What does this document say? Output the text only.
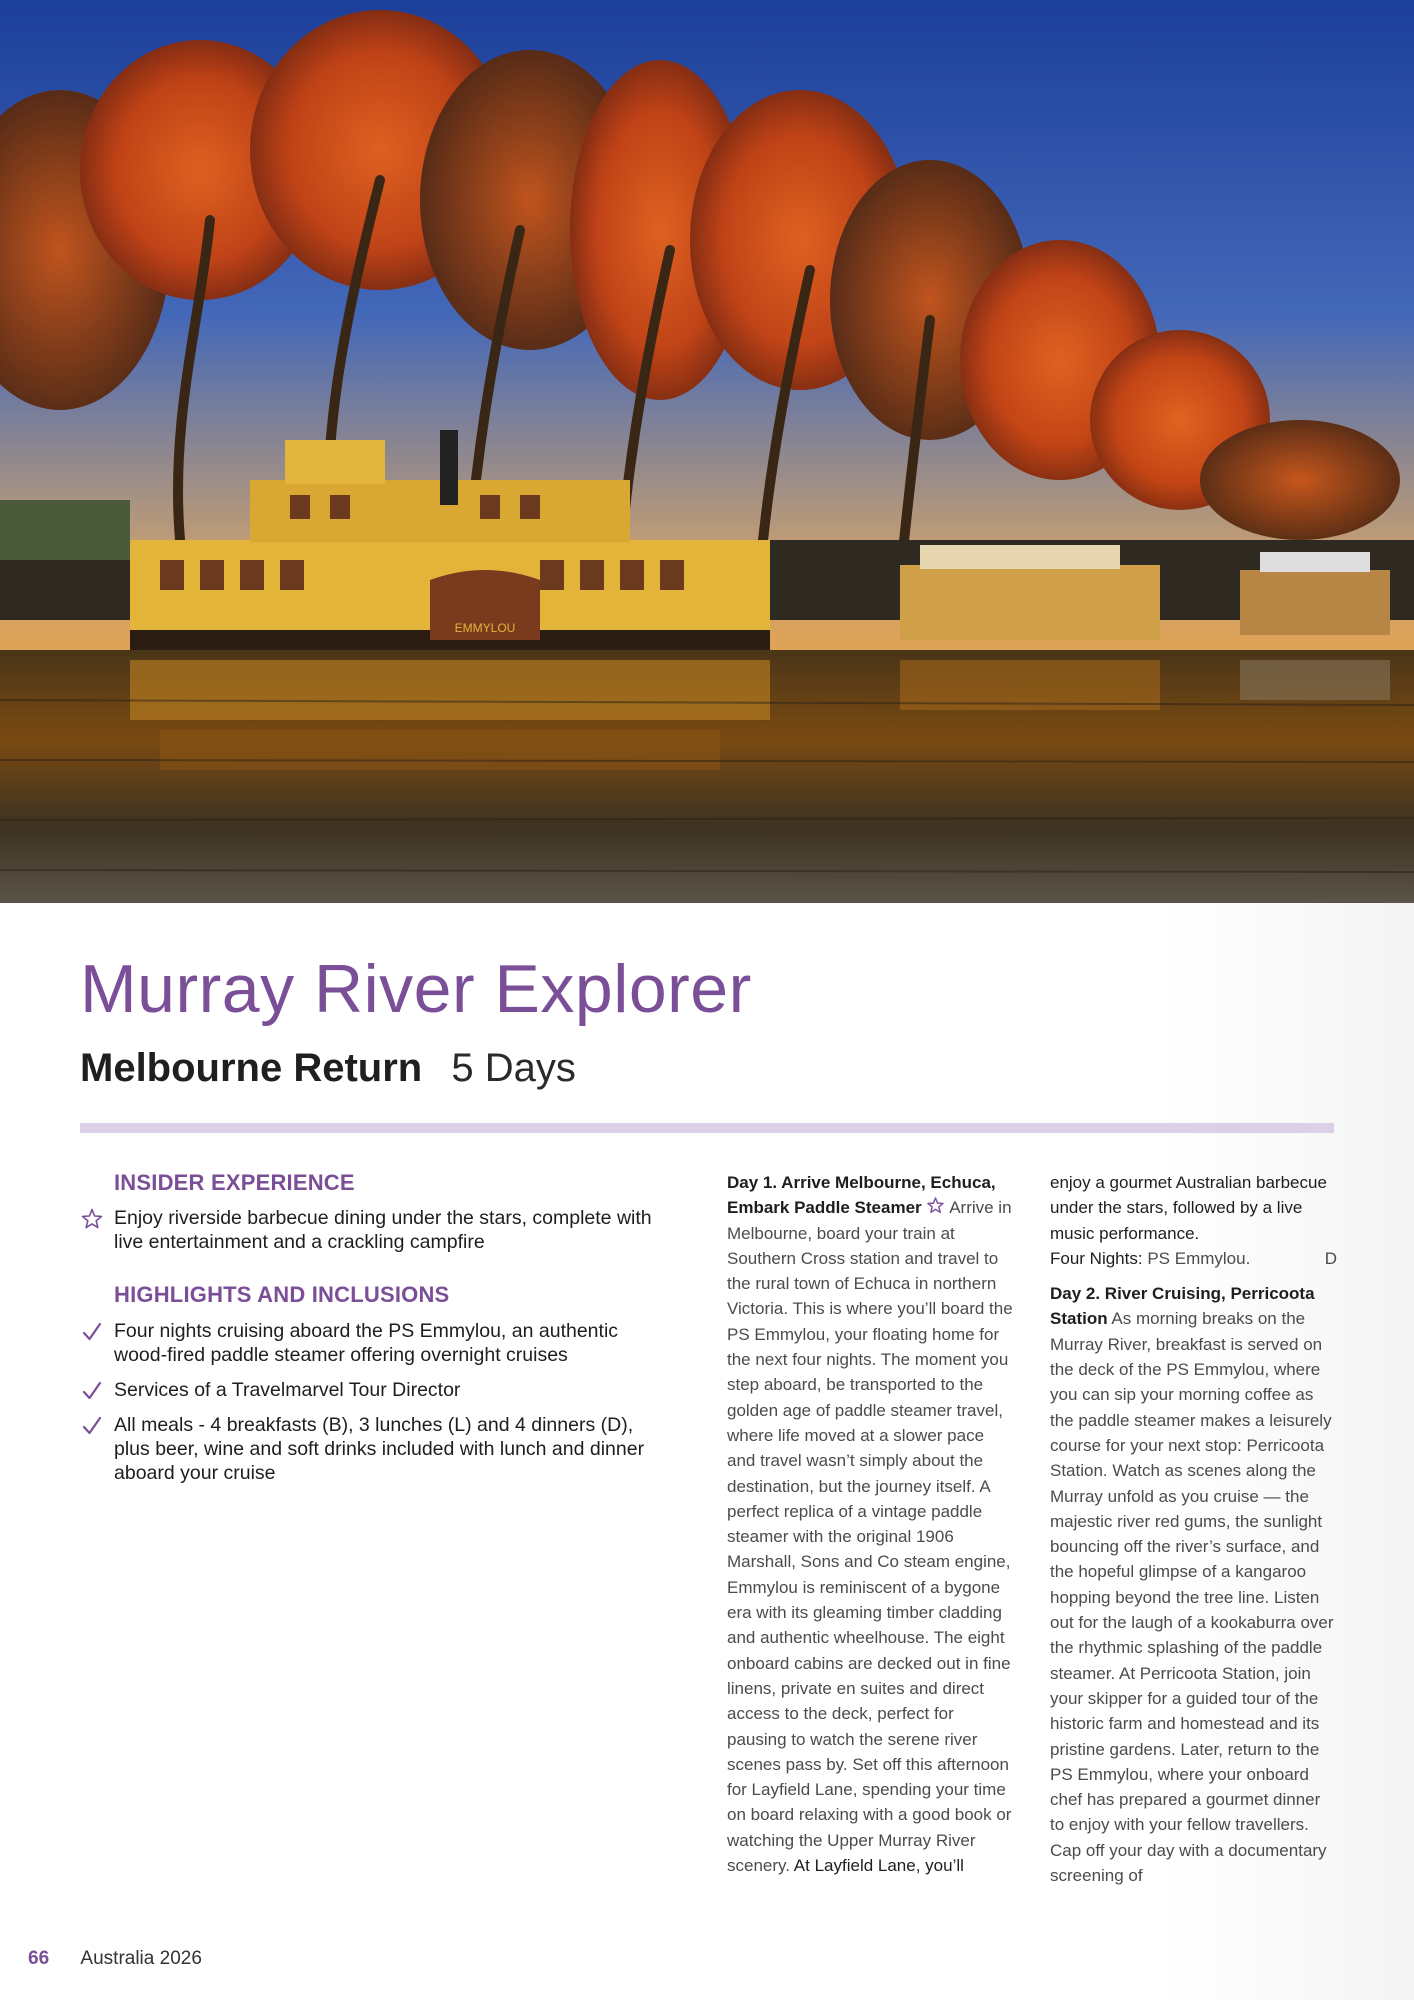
EMMYLOU
Murray River Explorer
Melbourne Return 5 Days
INSIDER EXPERIENCE
Enjoy riverside barbecue dining under the stars, complete with live entertainment and a crackling campfire
HIGHLIGHTS AND INCLUSIONS
Four nights cruising aboard the PS Emmylou, an authentic wood-fired paddle steamer offering overnight cruises
Services of a Travelmarvel Tour Director
All meals - 4 breakfasts (B), 3 lunches (L) and 4 dinners (D), plus beer, wine and soft drinks included with lunch and dinner aboard your cruise

Day 1. Arrive Melbourne, Echuca, Embark Paddle Steamer Arrive in Melbourne, board your train at Southern Cross station and travel to the rural town of Echuca in northern Victoria. This is where you’ll board the PS Emmylou, your floating home for the next four nights. The moment you step aboard, be transported to the golden age of paddle steamer travel, where life moved at a slower pace and travel wasn’t simply about the destination, but the journey itself. A perfect replica of a vintage paddle steamer with the original 1906 Marshall, Sons and Co steam engine, Emmylou is reminiscent of a bygone era with its gleaming timber cladding and authentic wheelhouse. The eight onboard cabins are decked out in fine linens, private en suites and direct access to the deck, perfect for pausing to watch the serene river scenes pass by. Set off this afternoon for Layfield Lane, spending your time on board relaxing with a good book or watching the Upper Murray River scenery. At Layfield Lane, you’ll

enjoy a gourmet Australian barbecue under the stars, followed by a live music performance.
Four Nights: PS Emmylou.	D

Day 2. River Cruising, Perricoota Station As morning breaks on the Murray River, breakfast is served on the deck of the PS Emmylou, where you can sip your morning coffee as the paddle steamer makes a leisurely course for your next stop: Perricoota Station. Watch as scenes along the Murray unfold as you cruise — the majestic river red gums, the sunlight bouncing off the river’s surface, and the hopeful glimpse of a kangaroo hopping beyond the tree line. Listen out for the laugh of a kookaburra over the rhythmic splashing of the paddle steamer. At Perricoota Station, join your skipper for a guided tour of the historic farm and homestead and its pristine gardens. Later, return to the PS Emmylou, where your onboard chef has prepared a gourmet dinner to enjoy with your fellow travellers. Cap off your day with a documentary screening of

66 Australia 2026
